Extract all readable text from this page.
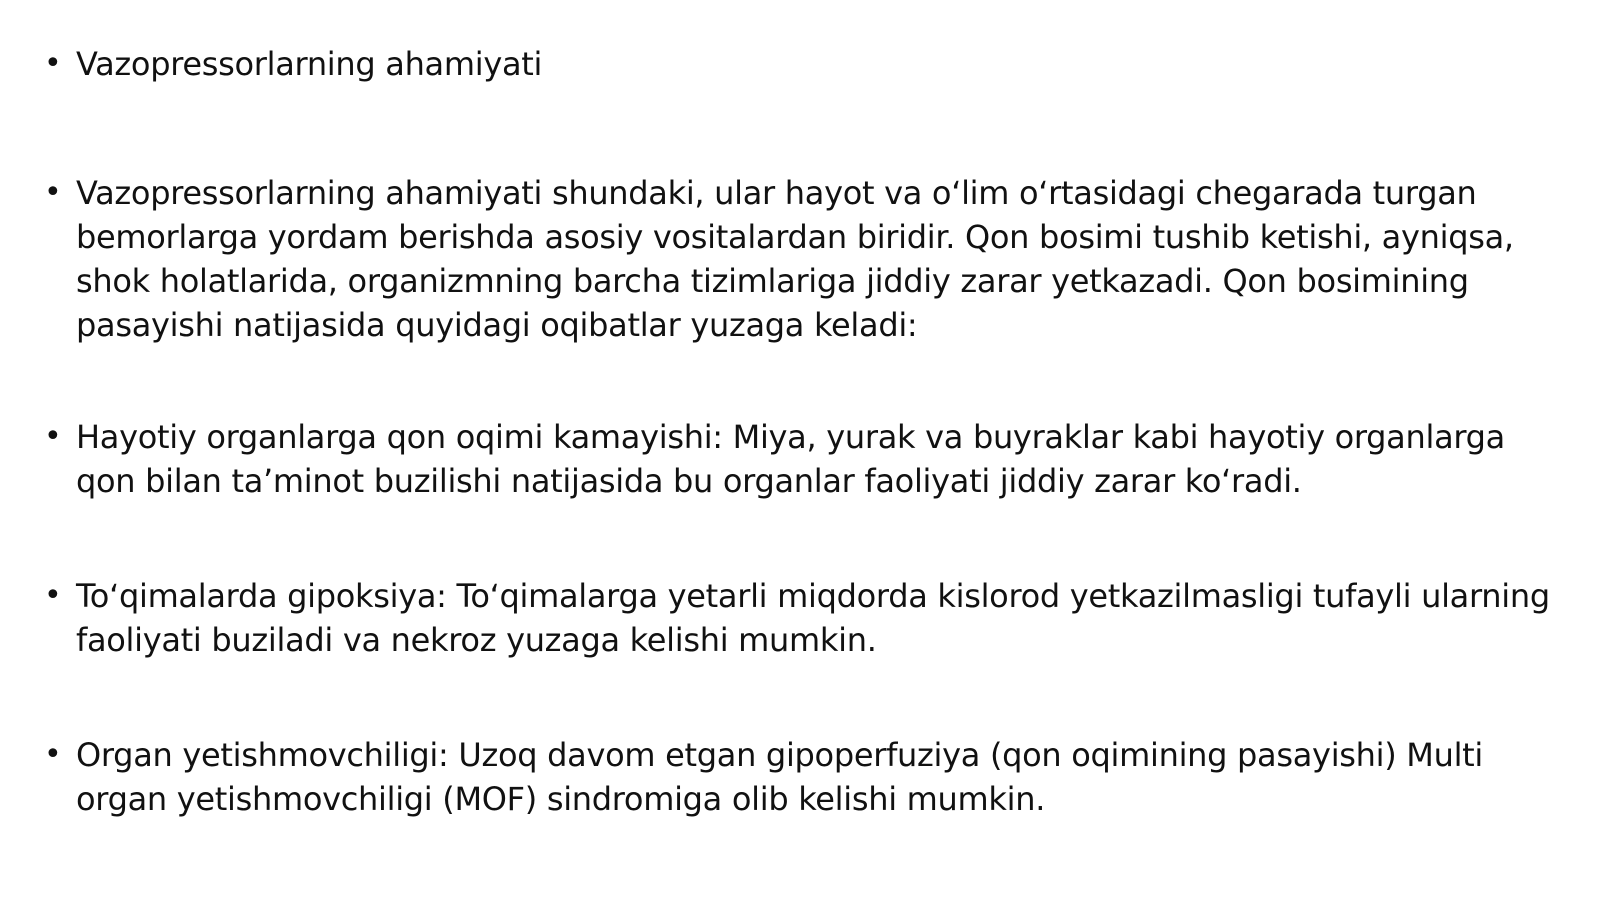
• Vazopressorlarning ahamiyati
• Vazopressorlarning ahamiyati shundaki, ular hayot va oʻlim oʻrtasidagi chegarada turgan bemorlarga yordam berishda asosiy vositalardan biridir. Qon bosimi tushib ketishi, ayniqsa, shok holatlarida, organizmning barcha tizimlariga jiddiy zarar yetkazadi. Qon bosimining pasayishi natijasida quyidagi oqibatlar yuzaga keladi:
• Hayotiy organlarga qon oqimi kamayishi: Miya, yurak va buyraklar kabi hayotiy organlarga qon bilan taʼminot buzilishi natijasida bu organlar faoliyati jiddiy zarar koʻradi.
• Toʻqimalarda gipoksiya: Toʻqimalarga yetarli miqdorda kislorod yetkazilmasligi tufayli ularning faoliyati buziladi va nekroz yuzaga kelishi mumkin.
• Organ yetishmovchiligi: Uzoq davom etgan gipoperfuziya (qon oqimining pasayishi) Multi organ yetishmovchiligi (MOF) sindromiga olib kelishi mumkin.
